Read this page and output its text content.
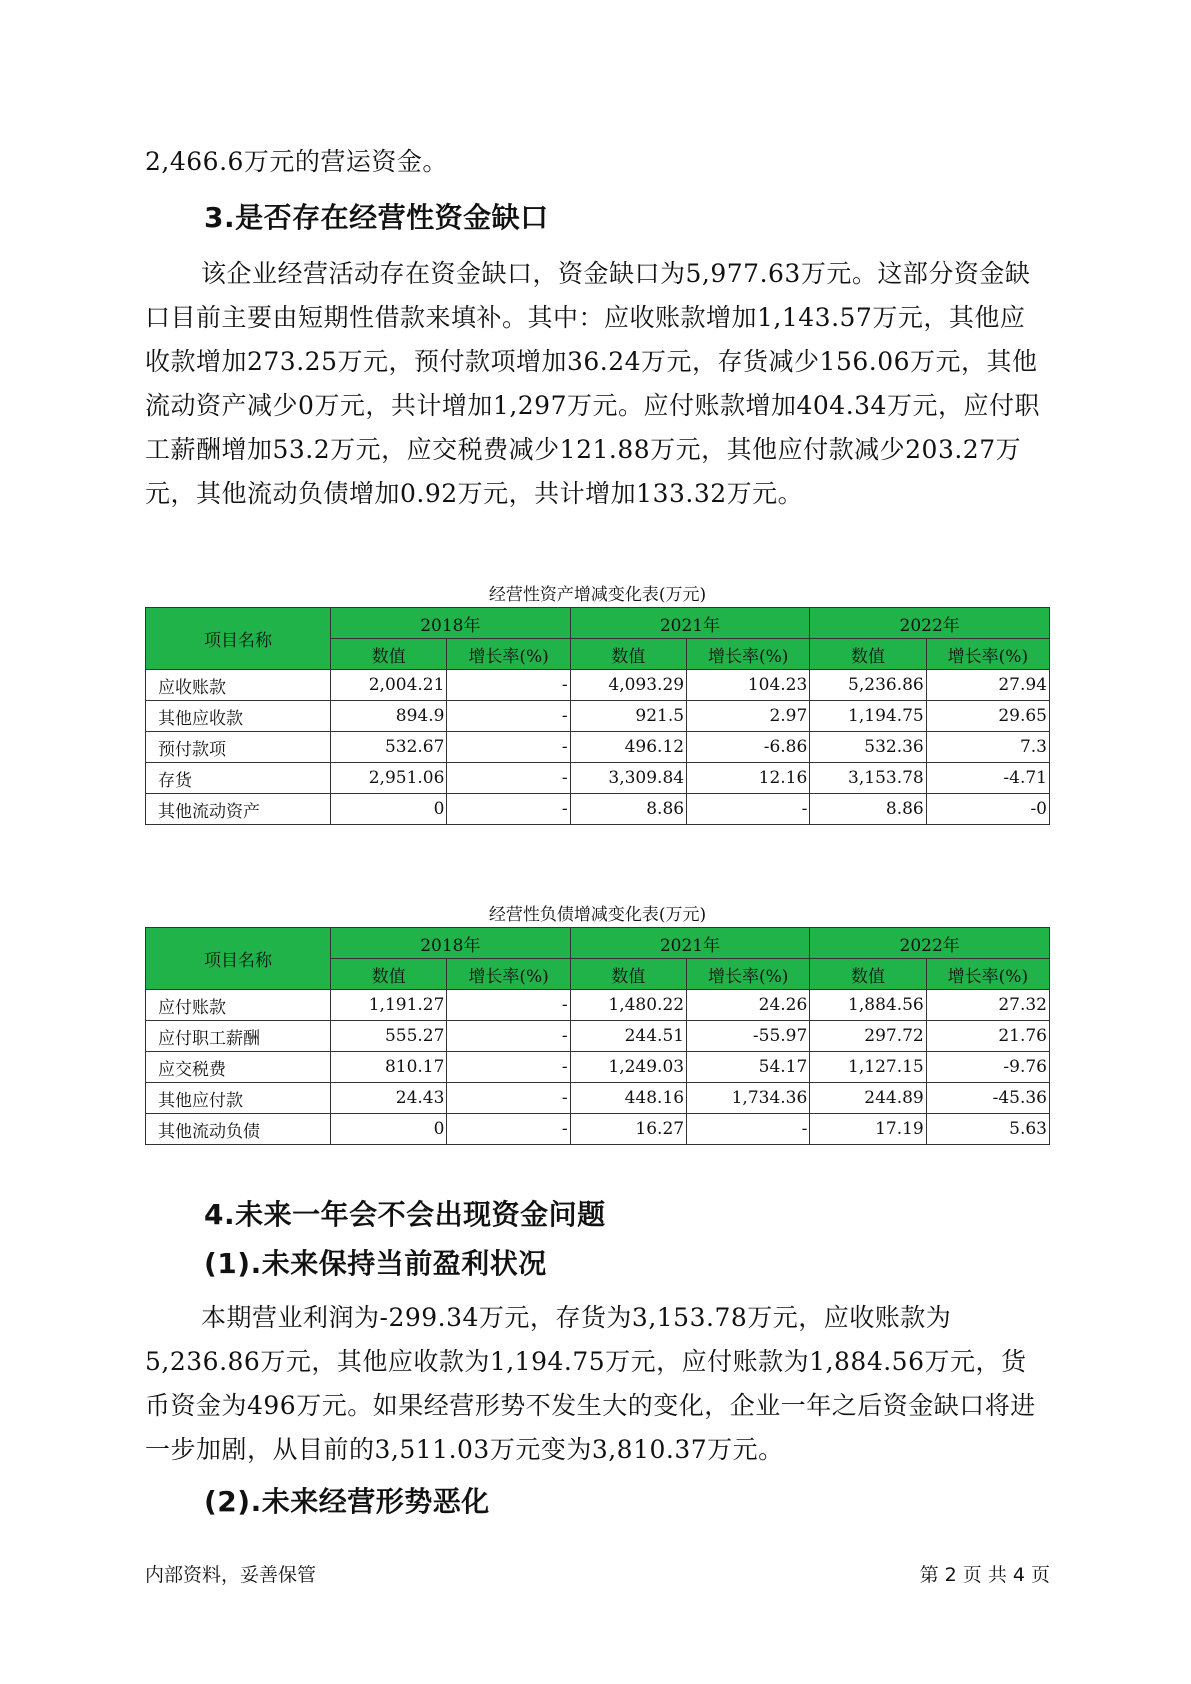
2,466.6万元的营运资金。

3.是否存在经营性资金缺口

该企业经营活动存在资金缺口，资金缺口为5,977.63万元。这部分资金缺口目前主要由短期性借款来填补。其中：应收账款增加1,143.57万元，其他应收款增加273.25万元，预付款项增加36.24万元，存货减少156.06万元，其他流动资产减少0万元，共计增加1,297万元。应付账款增加404.34万元，应付职工薪酬增加53.2万元，应交税费减少121.88万元，其他应付款减少203.27万元，其他流动负债增加0.92万元，共计增加133.32万元。

经营性资产增减变化表(万元)
项目名称	2018年		2021年		2022年	
	数值	增长率(%)	数值	增长率(%)	数值	增长率(%)
应收账款	2,004.21	-	4,093.29	104.23	5,236.86	27.94
其他应收款	894.9	-	921.5	2.97	1,194.75	29.65
预付款项	532.67	-	496.12	-6.86	532.36	7.3
存货	2,951.06	-	3,309.84	12.16	3,153.78	-4.71
其他流动资产	0	-	8.86	-	8.86	-0
经营性负债增减变化表(万元)
项目名称	2018年		2021年		2022年	
	数值	增长率(%)	数值	增长率(%)	数值	增长率(%)
应付账款	1,191.27	-	1,480.22	24.26	1,884.56	27.32
应付职工薪酬	555.27	-	244.51	-55.97	297.72	21.76
应交税费	810.17	-	1,249.03	54.17	1,127.15	-9.76
其他应付款	24.43	-	448.16	1,734.36	244.89	-45.36
其他流动负债	0	-	16.27	-	17.19	5.63
4.未来一年会不会出现资金问题
(1).未来保持当前盈利状况

本期营业利润为-299.34万元，存货为3,153.78万元，应收账款为5,236.86万元，其他应收款为1,194.75万元，应付账款为1,884.56万元，货币资金为496万元。如果经营形势不发生大的变化，企业一年之后资金缺口将进一步加剧，从目前的3,511.03万元变为3,810.37万元。

(2).未来经营形势恶化
内部资料，妥善保管	第 2 页 共 4 页
